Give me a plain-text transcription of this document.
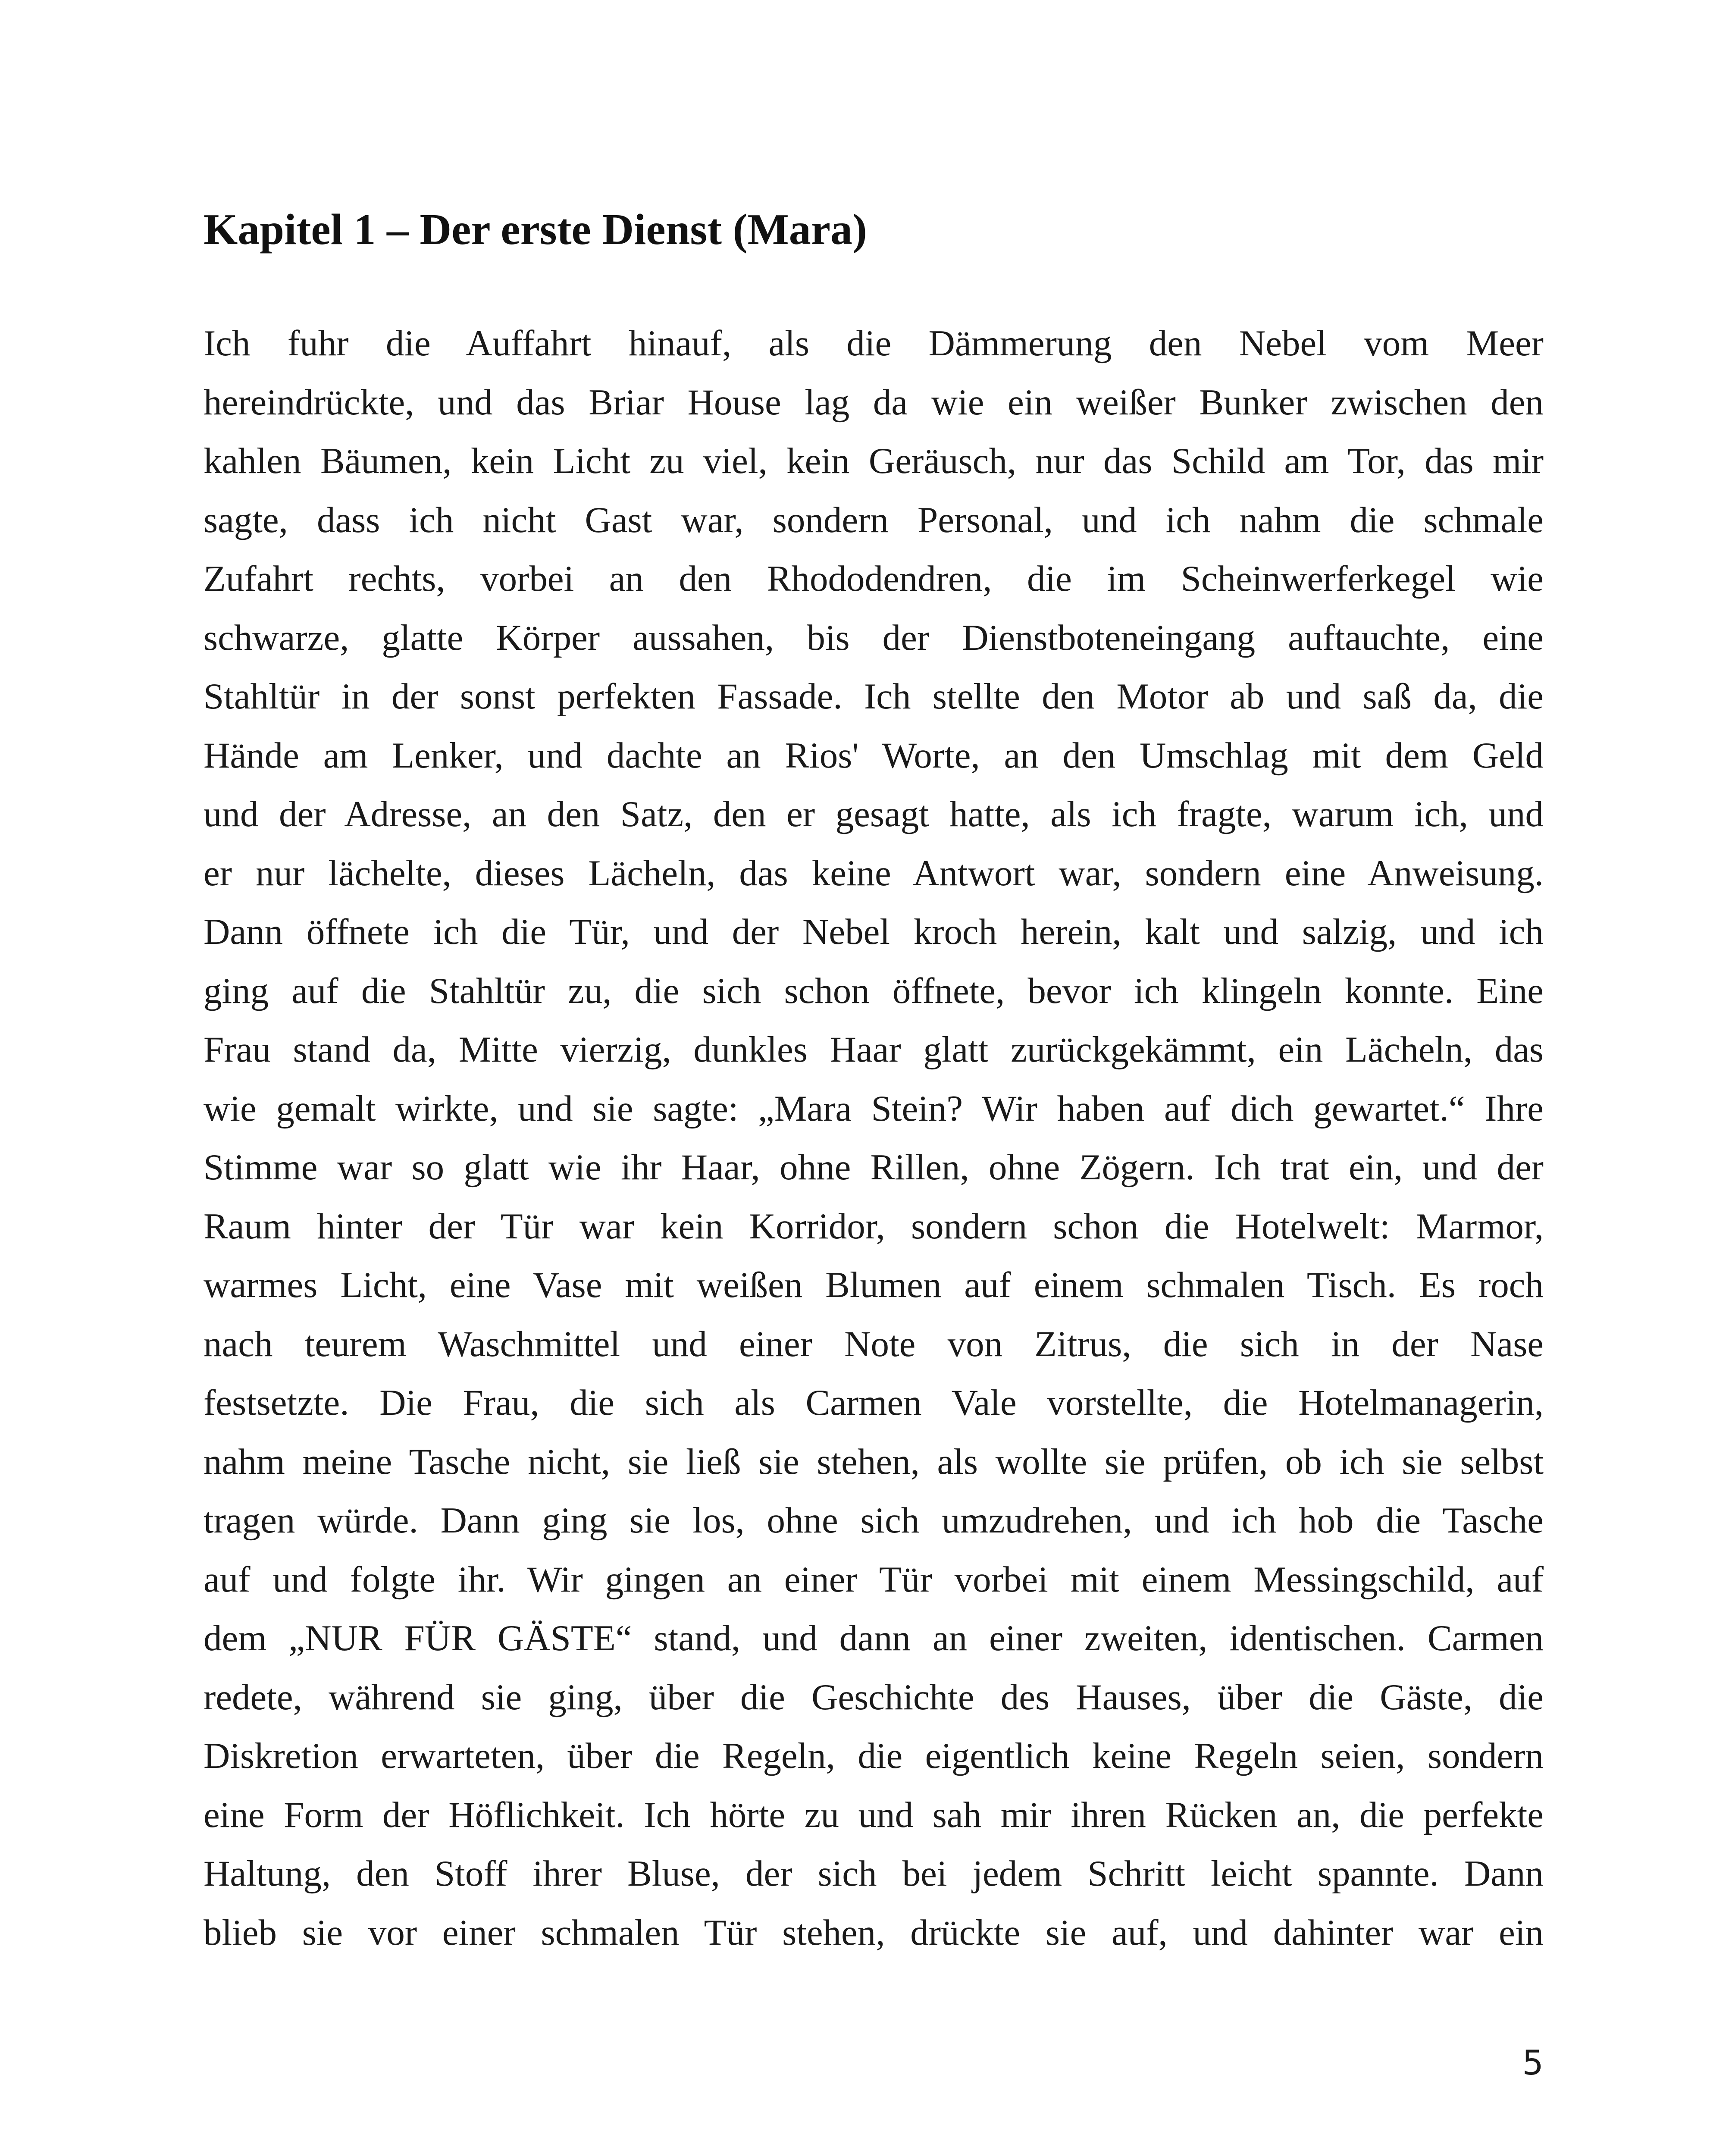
Kapitel 1 – Der erste Dienst (Mara)
Ich fuhr die Auffahrt hinauf, als die Dämmerung den Nebel vom Meer
hereindrückte, und das Briar House lag da wie ein weißer Bunker zwischen den
kahlen Bäumen, kein Licht zu viel, kein Geräusch, nur das Schild am Tor, das mir
sagte, dass ich nicht Gast war, sondern Personal, und ich nahm die schmale
Zufahrt rechts, vorbei an den Rhododendren, die im Scheinwerferkegel wie
schwarze, glatte Körper aussahen, bis der Dienstboteneingang auftauchte, eine
Stahltür in der sonst perfekten Fassade. Ich stellte den Motor ab und saß da, die
Hände am Lenker, und dachte an Rios' Worte, an den Umschlag mit dem Geld
und der Adresse, an den Satz, den er gesagt hatte, als ich fragte, warum ich, und
er nur lächelte, dieses Lächeln, das keine Antwort war, sondern eine Anweisung.
Dann öffnete ich die Tür, und der Nebel kroch herein, kalt und salzig, und ich
ging auf die Stahltür zu, die sich schon öffnete, bevor ich klingeln konnte. Eine
Frau stand da, Mitte vierzig, dunkles Haar glatt zurückgekämmt, ein Lächeln, das
wie gemalt wirkte, und sie sagte: „Mara Stein? Wir haben auf dich gewartet.“ Ihre
Stimme war so glatt wie ihr Haar, ohne Rillen, ohne Zögern. Ich trat ein, und der
Raum hinter der Tür war kein Korridor, sondern schon die Hotelwelt: Marmor,
warmes Licht, eine Vase mit weißen Blumen auf einem schmalen Tisch. Es roch
nach teurem Waschmittel und einer Note von Zitrus, die sich in der Nase
festsetzte. Die Frau, die sich als Carmen Vale vorstellte, die Hotelmanagerin,
nahm meine Tasche nicht, sie ließ sie stehen, als wollte sie prüfen, ob ich sie selbst
tragen würde. Dann ging sie los, ohne sich umzudrehen, und ich hob die Tasche
auf und folgte ihr. Wir gingen an einer Tür vorbei mit einem Messingschild, auf
dem „NUR FÜR GÄSTE“ stand, und dann an einer zweiten, identischen. Carmen
redete, während sie ging, über die Geschichte des Hauses, über die Gäste, die
Diskretion erwarteten, über die Regeln, die eigentlich keine Regeln seien, sondern
eine Form der Höflichkeit. Ich hörte zu und sah mir ihren Rücken an, die perfekte
Haltung, den Stoff ihrer Bluse, der sich bei jedem Schritt leicht spannte. Dann
blieb sie vor einer schmalen Tür stehen, drückte sie auf, und dahinter war ein
5
